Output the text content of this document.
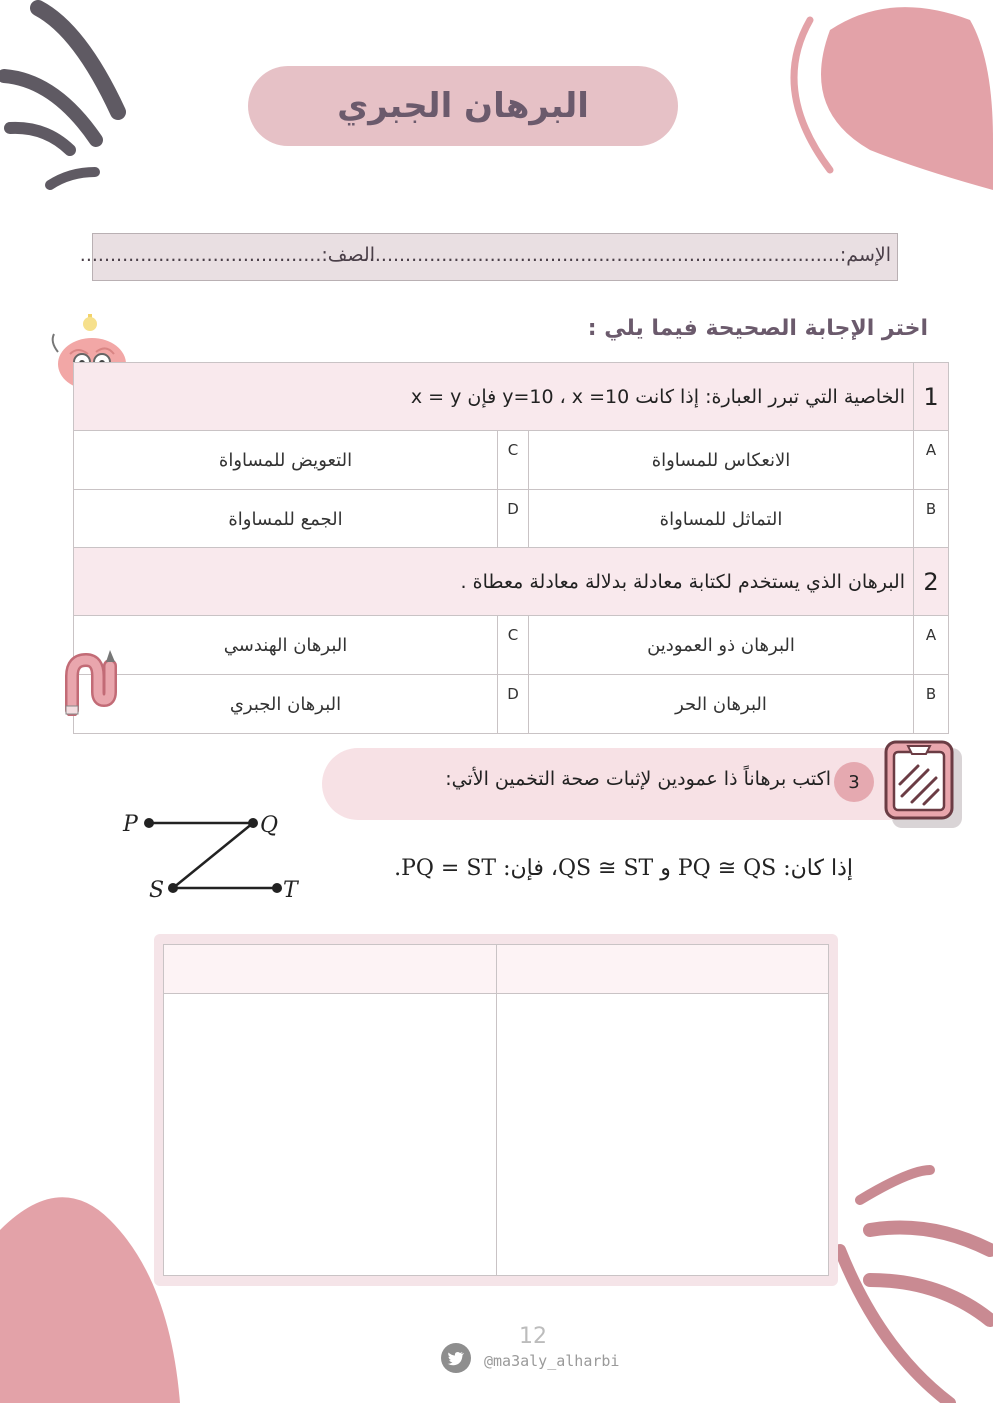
البرهان الجبري
الإسم:...............................................................................
الصف:........................................
اختر الإجابة الصحيحة فيما يلي :
1	الخاصية التي تبرر العبارة: إذا كانت y=10 ، x =10 فإن x = y		
A	الانعكاس للمساواة	C	التعويض للمساواة
B	التماثل للمساواة	D	الجمع للمساواة
2	البرهان الذي يستخدم لكتابة معادلة بدلالة معادلة معطاة .		
A	البرهان ذو العمودين	C	البرهان الهندسي
B	البرهان الحر	D	البرهان الجبري
3
اكتب برهاناً ذا عمودين لإثبات صحة التخمين الأتي:
إذا كان: PQ ≅ QS و QS ≅ ST، فإن: PQ = ST.
P	Q
S	T

12
@ma3aly_alharbi
